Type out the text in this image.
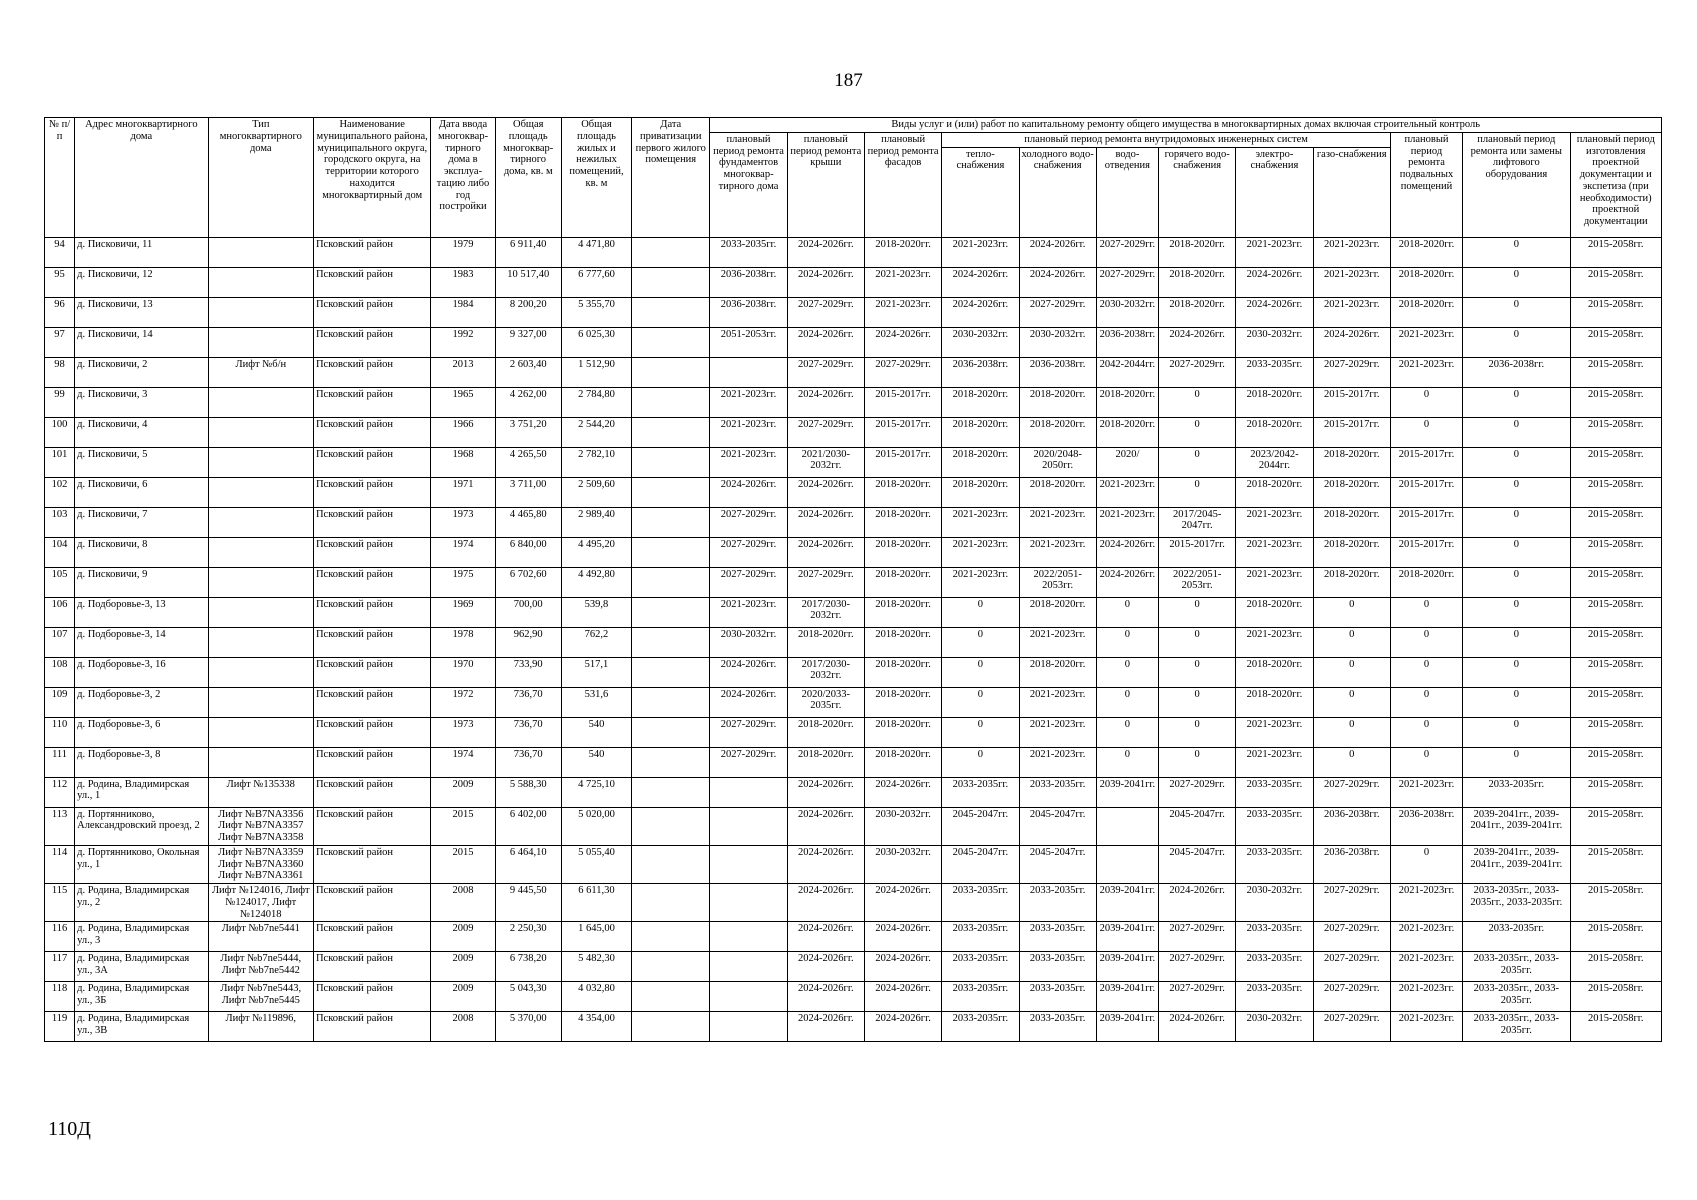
187
№ п/п	Адрес многоквартирного дома	Тип многоквартирного дома	Наименование муниципального района, муниципального округа, городского округа, на территории которого находится многоквартирный дом	Дата ввода многоквар-тирного дома в эксплуа-тацию либо год постройки	Общая площадь многоквар-тирного дома, кв. м	Общая площадь жилых и нежилых помещений, кв. м	Дата приватизации первого жилого помещения	Виды услуг и (или) работ по капитальному ремонту общего имущества в многоквартирных домах включая строительный контроль											
								плановый период ремонта фундаментов многоквар-тирного дома	плановый период ремонта крыши	плановый период ремонта фасадов	плановый период ремонта внутридомовых инженерных систем						плановый период ремонта подвальных помещений	плановый период ремонта или замены лифтового оборудования	плановый период изготовления проектной документации и экспетиза (при необходимости) проектной документации
											тепло-снабжения	холодного водо-снабжения	водо-отведения	горячего водо-снабжения	электро-снабжения	газо-снабжения			
94	д. Писковичи, 11		Псковский район	1979	6 911,40	4 471,80		2033-2035гг.	2024-2026гг.	2018-2020гг.	2021-2023гг.	2024-2026гг.	2027-2029гг.	2018-2020гг.	2021-2023гг.	2021-2023гг.	2018-2020гг.	0	2015-2058гг.
95	д. Писковичи, 12		Псковский район	1983	10 517,40	6 777,60		2036-2038гг.	2024-2026гг.	2021-2023гг.	2024-2026гг.	2024-2026гг.	2027-2029гг.	2018-2020гг.	2024-2026гг.	2021-2023гг.	2018-2020гг.	0	2015-2058гг.
96	д. Писковичи, 13		Псковский район	1984	8 200,20	5 355,70		2036-2038гг.	2027-2029гг.	2021-2023гг.	2024-2026гг.	2027-2029гг.	2030-2032гг.	2018-2020гг.	2024-2026гг.	2021-2023гг.	2018-2020гг.	0	2015-2058гг.
97	д. Писковичи, 14		Псковский район	1992	9 327,00	6 025,30		2051-2053гг.	2024-2026гг.	2024-2026гг.	2030-2032гг.	2030-2032гг.	2036-2038гг.	2024-2026гг.	2030-2032гг.	2024-2026гг.	2021-2023гг.	0	2015-2058гг.
98	д. Писковичи, 2	Лифт №б/н	Псковский район	2013	2 603,40	1 512,90			2027-2029гг.	2027-2029гг.	2036-2038гг.	2036-2038гг.	2042-2044гг.	2027-2029гг.	2033-2035гг.	2027-2029гг.	2021-2023гг.	2036-2038гг.	2015-2058гг.
99	д. Писковичи, 3		Псковский район	1965	4 262,00	2 784,80		2021-2023гг.	2024-2026гг.	2015-2017гг.	2018-2020гг.	2018-2020гг.	2018-2020гг.	0	2018-2020гг.	2015-2017гг.	0	0	2015-2058гг.
100	д. Писковичи, 4		Псковский район	1966	3 751,20	2 544,20		2021-2023гг.	2027-2029гг.	2015-2017гг.	2018-2020гг.	2018-2020гг.	2018-2020гг.	0	2018-2020гг.	2015-2017гг.	0	0	2015-2058гг.
101	д. Писковичи, 5		Псковский район	1968	4 265,50	2 782,10		2021-2023гг.	2021/2030-2032гг.	2015-2017гг.	2018-2020гг.	2020/2048-2050гг.	2020/	0	2023/2042-2044гг.	2018-2020гг.	2015-2017гг.	0	2015-2058гг.
102	д. Писковичи, 6		Псковский район	1971	3 711,00	2 509,60		2024-2026гг.	2024-2026гг.	2018-2020гг.	2018-2020гг.	2018-2020гг.	2021-2023гг.	0	2018-2020гг.	2018-2020гг.	2015-2017гг.	0	2015-2058гг.
103	д. Писковичи, 7		Псковский район	1973	4 465,80	2 989,40		2027-2029гг.	2024-2026гг.	2018-2020гг.	2021-2023гг.	2021-2023гг.	2021-2023гг.	2017/2045-2047гг.	2021-2023гг.	2018-2020гг.	2015-2017гг.	0	2015-2058гг.
104	д. Писковичи, 8		Псковский район	1974	6 840,00	4 495,20		2027-2029гг.	2024-2026гг.	2018-2020гг.	2021-2023гг.	2021-2023гг.	2024-2026гг.	2015-2017гг.	2021-2023гг.	2018-2020гг.	2015-2017гг.	0	2015-2058гг.
105	д. Писковичи, 9		Псковский район	1975	6 702,60	4 492,80		2027-2029гг.	2027-2029гг.	2018-2020гг.	2021-2023гг.	2022/2051-2053гг.	2024-2026гг.	2022/2051-2053гг.	2021-2023гг.	2018-2020гг.	2018-2020гг.	0	2015-2058гг.
106	д. Подборовье-3, 13		Псковский район	1969	700,00	539,8		2021-2023гг.	2017/2030-2032гг.	2018-2020гг.	0	2018-2020гг.	0	0	2018-2020гг.	0	0	0	2015-2058гг.
107	д. Подборовье-3, 14		Псковский район	1978	962,90	762,2		2030-2032гг.	2018-2020гг.	2018-2020гг.	0	2021-2023гг.	0	0	2021-2023гг.	0	0	0	2015-2058гг.
108	д. Подборовье-3, 16		Псковский район	1970	733,90	517,1		2024-2026гг.	2017/2030-2032гг.	2018-2020гг.	0	2018-2020гг.	0	0	2018-2020гг.	0	0	0	2015-2058гг.
109	д. Подборовье-3, 2		Псковский район	1972	736,70	531,6		2024-2026гг.	2020/2033-2035гг.	2018-2020гг.	0	2021-2023гг.	0	0	2018-2020гг.	0	0	0	2015-2058гг.
110	д. Подборовье-3, 6		Псковский район	1973	736,70	540		2027-2029гг.	2018-2020гг.	2018-2020гг.	0	2021-2023гг.	0	0	2021-2023гг.	0	0	0	2015-2058гг.
111	д. Подборовье-3, 8		Псковский район	1974	736,70	540		2027-2029гг.	2018-2020гг.	2018-2020гг.	0	2021-2023гг.	0	0	2021-2023гг.	0	0	0	2015-2058гг.
112	д. Родина, Владимирская ул., 1	Лифт №135338	Псковский район	2009	5 588,30	4 725,10			2024-2026гг.	2024-2026гг.	2033-2035гг.	2033-2035гг.	2039-2041гг.	2027-2029гг.	2033-2035гг.	2027-2029гг.	2021-2023гг.	2033-2035гг.	2015-2058гг.
113	д. Портянниково, Александровский проезд, 2	Лифт №B7NA3356 Лифт №B7NA3357 Лифт №B7NA3358	Псковский район	2015	6 402,00	5 020,00			2024-2026гг.	2030-2032гг.	2045-2047гг.	2045-2047гг.		2045-2047гг.	2033-2035гг.	2036-2038гг.	2036-2038гг.	2039-2041гг., 2039-2041гг., 2039-2041гг.	2015-2058гг.
114	д. Портянниково, Окольная ул., 1	Лифт №B7NA3359 Лифт №B7NA3360 Лифт №B7NA3361	Псковский район	2015	6 464,10	5 055,40			2024-2026гг.	2030-2032гг.	2045-2047гг.	2045-2047гг.		2045-2047гг.	2033-2035гг.	2036-2038гг.	0	2039-2041гг., 2039-2041гг., 2039-2041гг.	2015-2058гг.
115	д. Родина, Владимирская ул., 2	Лифт №124016, Лифт №124017, Лифт №124018	Псковский район	2008	9 445,50	6 611,30			2024-2026гг.	2024-2026гг.	2033-2035гг.	2033-2035гг.	2039-2041гг.	2024-2026гг.	2030-2032гг.	2027-2029гг.	2021-2023гг.	2033-2035гг., 2033-2035гг., 2033-2035гг.	2015-2058гг.
116	д. Родина, Владимирская ул., 3	Лифт №b7ne5441	Псковский район	2009	2 250,30	1 645,00			2024-2026гг.	2024-2026гг.	2033-2035гг.	2033-2035гг.	2039-2041гг.	2027-2029гг.	2033-2035гг.	2027-2029гг.	2021-2023гг.	2033-2035гг.	2015-2058гг.
117	д. Родина, Владимирская ул., 3А	Лифт №b7ne5444, Лифт №b7ne5442	Псковский район	2009	6 738,20	5 482,30			2024-2026гг.	2024-2026гг.	2033-2035гг.	2033-2035гг.	2039-2041гг.	2027-2029гг.	2033-2035гг.	2027-2029гг.	2021-2023гг.	2033-2035гг., 2033-2035гг.	2015-2058гг.
118	д. Родина, Владимирская ул., 3Б	Лифт №b7ne5443, Лифт №b7ne5445	Псковский район	2009	5 043,30	4 032,80			2024-2026гг.	2024-2026гг.	2033-2035гг.	2033-2035гг.	2039-2041гг.	2027-2029гг.	2033-2035гг.	2027-2029гг.	2021-2023гг.	2033-2035гг., 2033-2035гг.	2015-2058гг.
119	д. Родина, Владимирская ул., 3В	Лифт №119896,	Псковский район	2008	5 370,00	4 354,00			2024-2026гг.	2024-2026гг.	2033-2035гг.	2033-2035гг.	2039-2041гг.	2024-2026гг.	2030-2032гг.	2027-2029гг.	2021-2023гг.	2033-2035гг., 2033-2035гг.	2015-2058гг.
110Д
